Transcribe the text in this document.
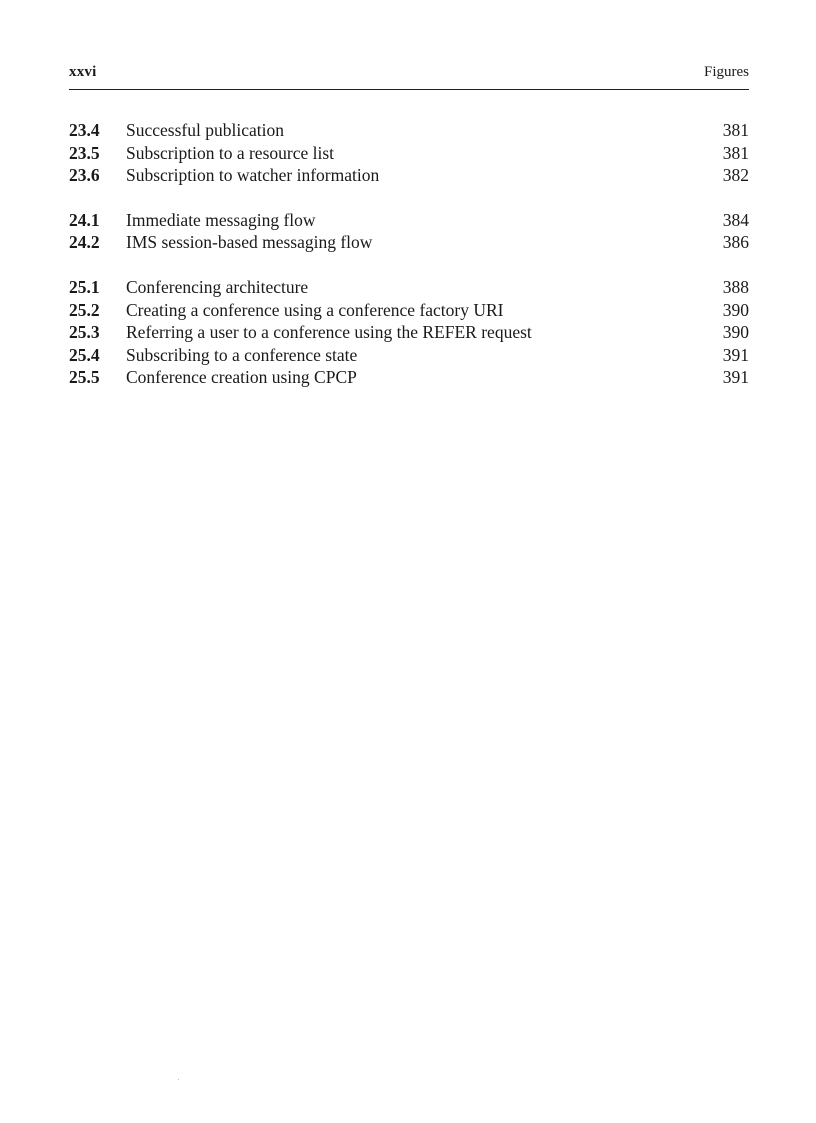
xxvi	Figures
23.4 Successful publication	381
23.5 Subscription to a resource list	381
23.6 Subscription to watcher information	382
24.1 Immediate messaging flow	384
24.2 IMS session-based messaging flow	386
25.1 Conferencing architecture	388
25.2 Creating a conference using a conference factory URI	390
25.3 Referring a user to a conference using the REFER request	390
25.4 Subscribing to a conference state	391
25.5 Conference creation using CPCP	391
